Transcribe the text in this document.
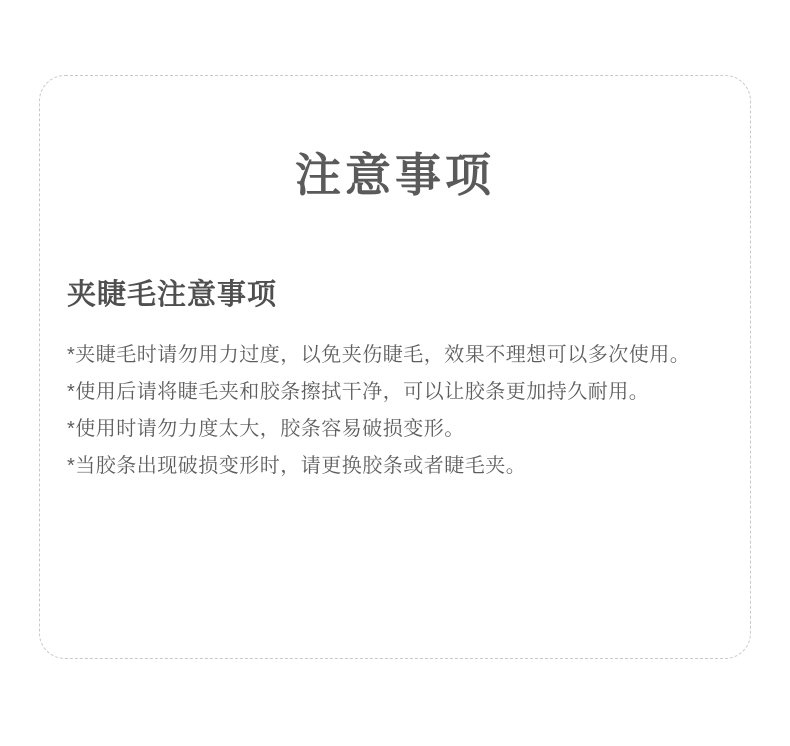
注意事项
夹睫毛注意事项
*夹睫毛时请勿用力过度，以免夹伤睫毛，效果不理想可以多次使用。
*使用后请将睫毛夹和胶条擦拭干净，可以让胶条更加持久耐用。
*使用时请勿力度太大，胶条容易破损变形。
*当胶条出现破损变形时，请更换胶条或者睫毛夹。
